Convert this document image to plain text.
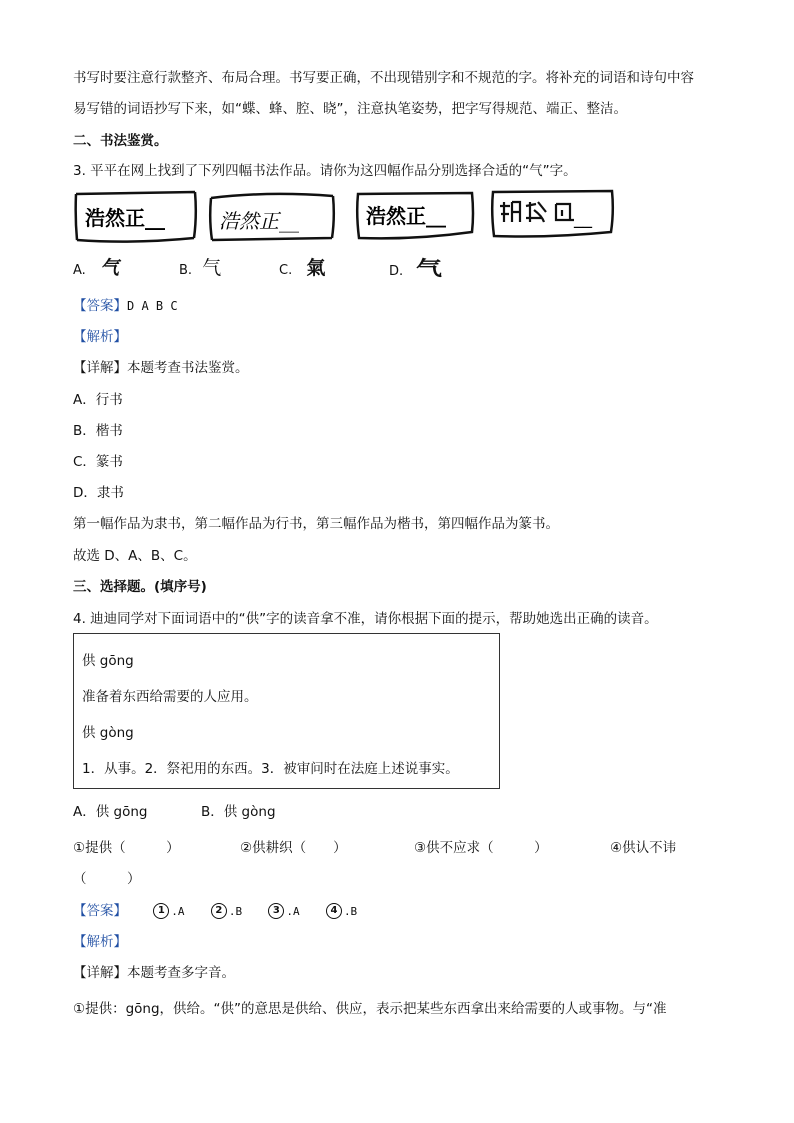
书写时要注意行款整齐、布局合理。书写要正确，不出现错别字和不规范的字。将补充的词语和诗句中容
易写错的词语抄写下来，如“蝶、蜂、腔、晓”，注意执笔姿势，把字写得规范、端正、整洁。
二、书法鉴赏。
3. 平平在网上找到了下列四幅书法作品。请你为这四幅作品分别选择合适的“气”字。
浩然正__	浩然正__	浩然正__	__
A. 气	B. 气	C. 氣	D. 气
【答案】D A B C
【解析】
【详解】本题考查书法鉴赏。
A．行书
B．楷书
C．篆书
D．隶书
第一幅作品为隶书，第二幅作品为行书，第三幅作品为楷书，第四幅作品为篆书。
故选 D、A、B、C。
三、选择题。(填序号)
4. 迪迪同学对下面词语中的“供”字的读音拿不准，请你根据下面的提示，帮助她选出正确的读音。
供 gōng
准备着东西给需要的人应用。
供 gòng
1．从事。2．祭祀用的东西。3．被审问时在法庭上述说事实。
A．供 gōng	B．供 gòng
①提供（　　　）	②供耕织（　　）	③供不应求（　　　）	④供认不讳
（　　　）
【答案】	1 .A	2 .B	3 .A	4 .B
【解析】
【详解】本题考查多字音。
①提供：gōng，供给。“供”的意思是供给、供应，表示把某些东西拿出来给需要的人或事物。与“准
